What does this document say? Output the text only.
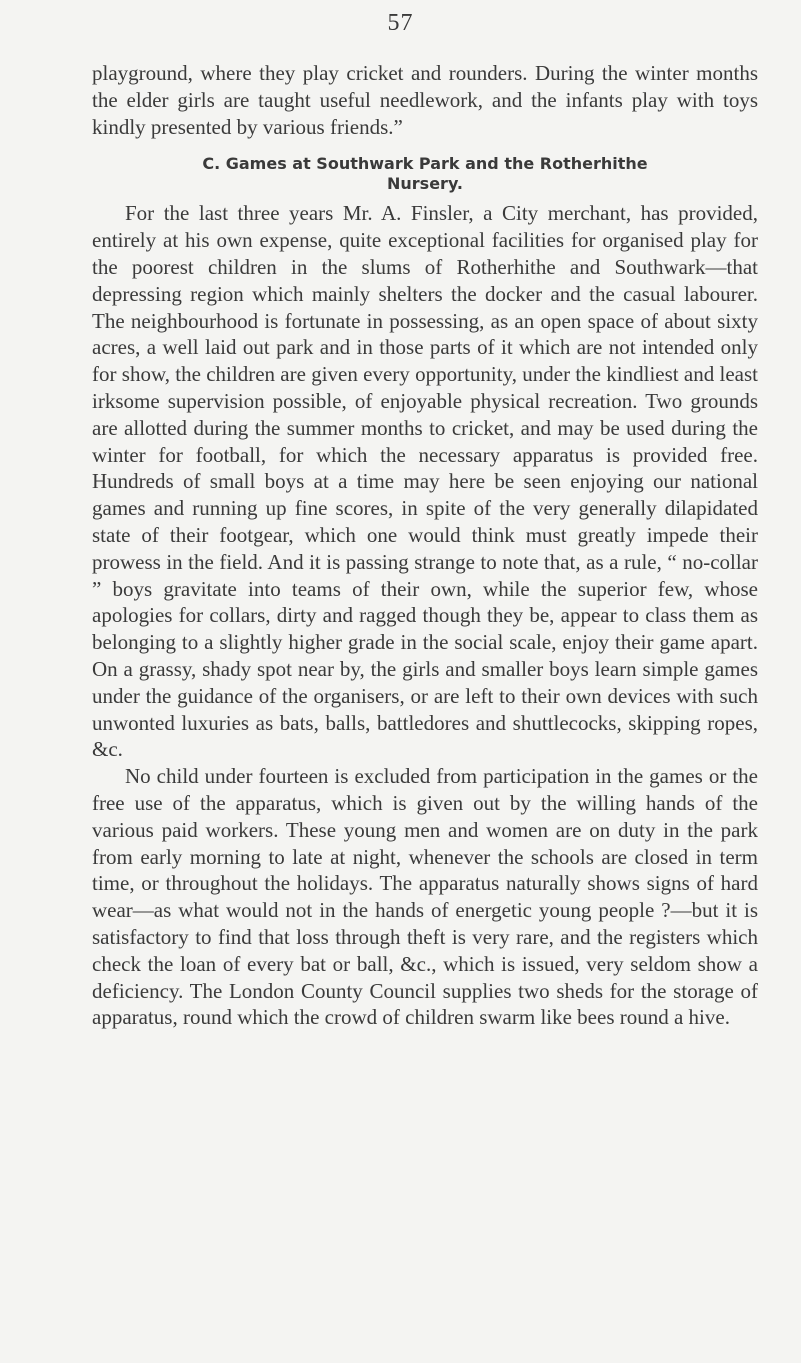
57

playground, where they play cricket and rounders. During the winter months the elder girls are taught useful needlework, and the infants play with toys kindly presented by various friends.”

C. Games at Southwark Park and the Rotherhithe
Nursery.

For the last three years Mr. A. Finsler, a City merchant, has provided, entirely at his own expense, quite exceptional facilities for organised play for the poorest children in the slums of Rotherhithe and Southwark—that depressing region which mainly shelters the docker and the casual labourer. The neighbourhood is fortunate in possessing, as an open space of about sixty acres, a well laid out park and in those parts of it which are not intended only for show, the children are given every opportunity, under the kindliest and least irksome supervision possible, of enjoyable physical recreation. Two grounds are allotted during the summer months to cricket, and may be used during the winter for football, for which the necessary apparatus is provided free. Hundreds of small boys at a time may here be seen enjoying our national games and running up fine scores, in spite of the very generally dilapidated state of their footgear, which one would think must greatly impede their prowess in the field. And it is passing strange to note that, as a rule, “ no-collar ” boys gravitate into teams of their own, while the superior few, whose apologies for collars, dirty and ragged though they be, appear to class them as belonging to a slightly higher grade in the social scale, enjoy their game apart. On a grassy, shady spot near by, the girls and smaller boys learn simple games under the guidance of the organisers, or are left to their own devices with such unwonted luxuries as bats, balls, battledores and shuttlecocks, skipping ropes, &c.

No child under fourteen is excluded from participation in the games or the free use of the apparatus, which is given out by the willing hands of the various paid workers. These young men and women are on duty in the park from early morning to late at night, whenever the schools are closed in term time, or throughout the holidays. The apparatus naturally shows signs of hard wear—as what would not in the hands of energetic young people ?—but it is satisfactory to find that loss through theft is very rare, and the registers which check the loan of every bat or ball, &c., which is issued, very seldom show a deficiency. The London County Council supplies two sheds for the storage of apparatus, round which the crowd of children swarm like bees round a hive.
